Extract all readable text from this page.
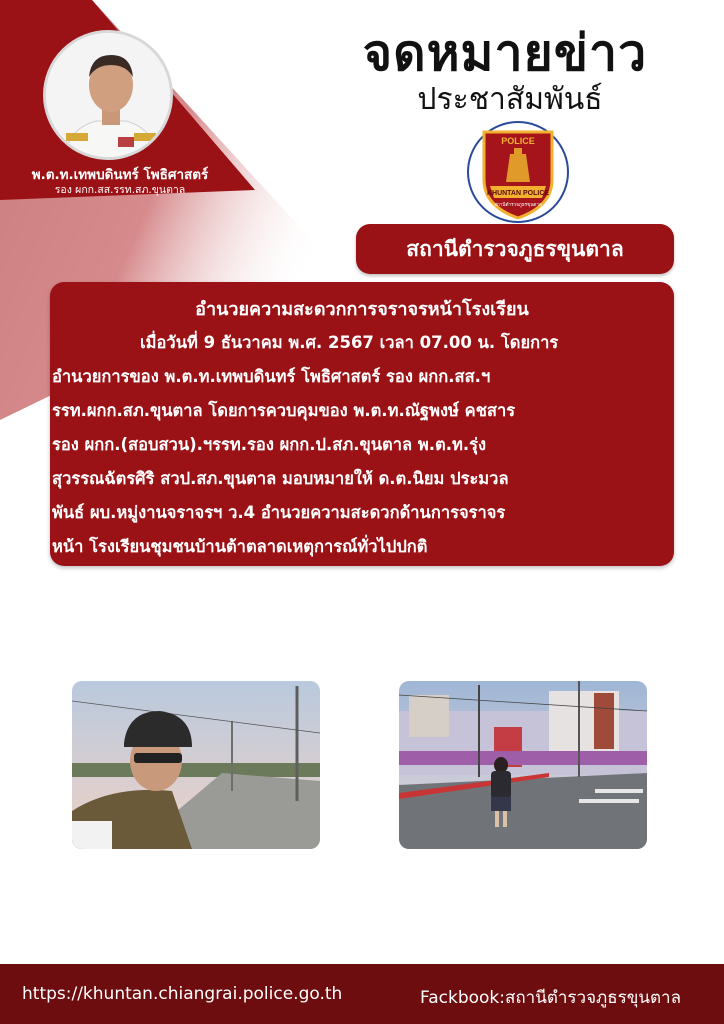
พ.ต.ท.เทพบดินทร์ โพธิศาสตร์
รอง ผกก.สส.รรท.สภ.ขุนตาล
จดหมายข่าว
ประชาสัมพันธ์
POLICE
KHUNTAN POLICE
สถานีตำรวจภูธรขุนตาล
สถานีตำรวจภูธรขุนตาล
อำนวยความสะดวกการจราจรหน้าโรงเรียน
เมื่อวันที่ 9 ธันวาคม พ.ศ. 2567 เวลา 07.00 น. โดยการ
อำนวยการของ พ.ต.ท.เทพบดินทร์ โพธิศาสตร์ รอง ผกก.สส.ฯ
รรท.ผกก.สภ.ขุนตาล โดยการควบคุมของ พ.ต.ท.ณัฐพงษ์ คชสาร
รอง ผกก.(สอบสวน).ฯรรท.รอง ผกก.ป.สภ.ขุนตาล พ.ต.ท.รุ่ง
สุวรรณฉัตรศิริ สวป.สภ.ขุนตาล มอบหมายให้ ด.ต.นิยม ประมวล
พันธ์ ผบ.หมู่งานจราจรฯ ว.4 อำนวยความสะดวกด้านการจราจร
หน้า โรงเรียนชุมชนบ้านต้าตลาดเหตุการณ์ทั่วไปปกติ
https://khuntan.chiangrai.police.go.th	Fackbook:สถานีตำรวจภูธรขุนตาล
